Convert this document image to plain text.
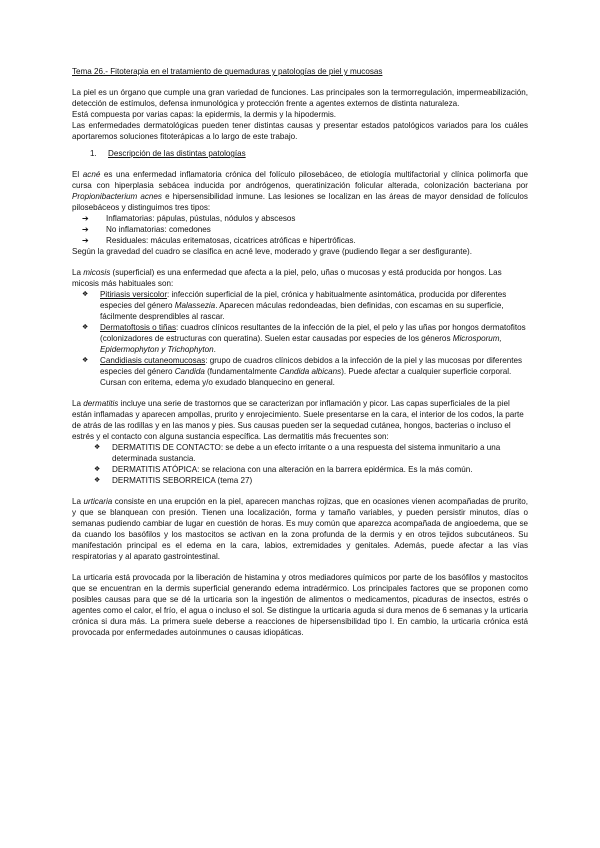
Tema 26.- Fitoterapia en el tratamiento de quemaduras y patologías de piel y mucosas

La piel es un órgano que cumple una gran variedad de funciones. Las principales son la termorregulación, impermeabilización, detección de estímulos, defensa inmunológica y protección frente a agentes externos de distinta naturaleza.

Está compuesta por varias capas: la epidermis, la dermis y la hipodermis.

Las enfermedades dermatológicas pueden tener distintas causas y presentar estados patológicos variados para los cuáles aportaremos soluciones fitoterápicas a lo largo de este trabajo.

1. Descripción de las distintas patologías

El acné es una enfermedad inflamatoria crónica del folículo pilosebáceo, de etiología multifactorial y clínica polimorfa que cursa con hiperplasia sebácea inducida por andrógenos, queratinización folicular alterada, colonización bacteriana por Propionibacterium acnes e hipersensibilidad inmune. Las lesiones se localizan en las áreas de mayor densidad de folículos pilosebáceos y distinguimos tres tipos:

➔ Inflamatorias: pápulas, pústulas, nódulos y abscesos
➔ No inflamatorias: comedones
➔ Residuales: máculas eritematosas, cicatrices atróficas e hipertróficas.

Según la gravedad del cuadro se clasifica en acné leve, moderado y grave (pudiendo llegar a ser desfigurante).

La micosis (superficial) es una enfermedad que afecta a la piel, pelo, uñas o mucosas y está producida por hongos. Las micosis más habituales son:

❖ Pitiriasis versicolor: infección superficial de la piel, crónica y habitualmente asintomática, producida por diferentes especies del género Malassezia. Aparecen máculas redondeadas, bien definidas, con escamas en su superficie, fácilmente desprendibles al rascar.
❖ Dermatoftosis o tiñas: cuadros clínicos resultantes de la infección de la piel, el pelo y las uñas por hongos dermatofitos (colonizadores de estructuras con queratina). Suelen estar causadas por especies de los géneros Microsporum, Epidermophyton y Trichophyton.
❖ Candidiasis cutaneomucosas: grupo de cuadros clínicos debidos a la infección de la piel y las mucosas por diferentes especies del género Candida (fundamentalmente Candida albicans). Puede afectar a cualquier superficie corporal. Cursan con eritema, edema y/o exudado blanquecino en general.

La dermatitis incluye una serie de trastornos que se caracterizan por inflamación y picor. Las capas superficiales de la piel están inflamadas y aparecen ampollas, prurito y enrojecimiento. Suele presentarse en la cara, el interior de los codos, la parte de atrás de las rodillas y en las manos y pies. Sus causas pueden ser la sequedad cutánea, hongos, bacterias o incluso el estrés y el contacto con alguna sustancia específica. Las dermatitis más frecuentes son:

❖ DERMATITIS DE CONTACTO: se debe a un efecto irritante o a una respuesta del sistema inmunitario a una determinada sustancia.
❖ DERMATITIS ATÓPICA: se relaciona con una alteración en la barrera epidérmica. Es la más común.
❖ DERMATITIS SEBORREICA (tema 27)

La urticaria consiste en una erupción en la piel, aparecen manchas rojizas, que en ocasiones vienen acompañadas de prurito, y que se blanquean con presión. Tienen una localización, forma y tamaño variables, y pueden persistir minutos, días o semanas pudiendo cambiar de lugar en cuestión de horas. Es muy común que aparezca acompañada de angioedema, que se da cuando los basófilos y los mastocitos se activan en la zona profunda de la dermis y en otros tejidos subcutáneos. Su manifestación principal es el edema en la cara, labios, extremidades y genitales. Además, puede afectar a las vías respiratorias y al aparato gastrointestinal.

La urticaria está provocada por la liberación de histamina y otros mediadores químicos por parte de los basófilos y mastocitos que se encuentran en la dermis superficial generando edema intradérmico. Los principales factores que se proponen como posibles causas para que se dé la urticaria son la ingestión de alimentos o medicamentos, picaduras de insectos, estrés o agentes como el calor, el frío, el agua o incluso el sol. Se distingue la urticaria aguda si dura menos de 6 semanas y la urticaria crónica si dura más. La primera suele deberse a reacciones de hipersensibilidad tipo I. En cambio, la urticaria crónica está provocada por enfermedades autoinmunes o causas idiopáticas.
